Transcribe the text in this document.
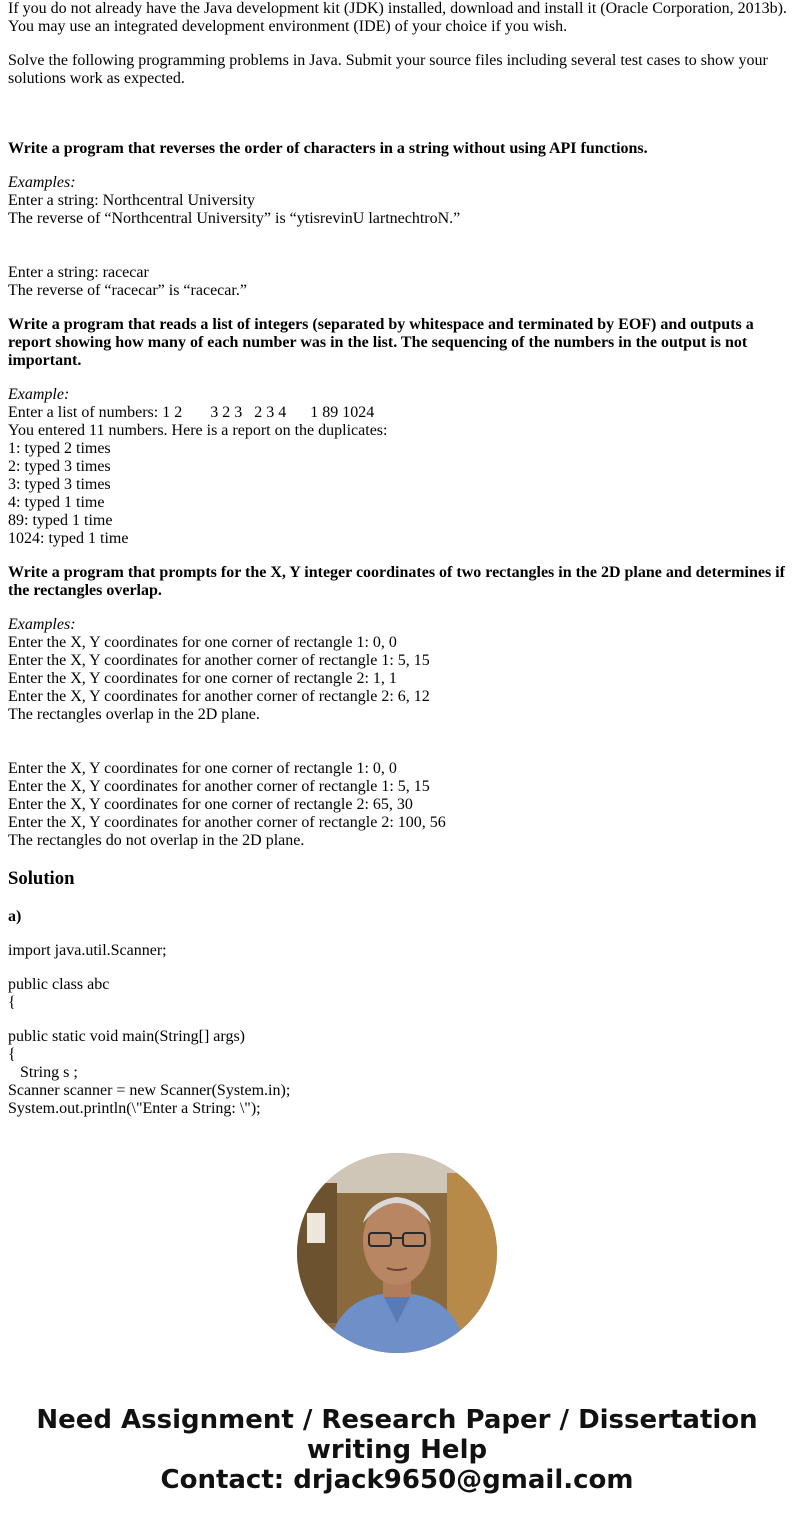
If you do not already have the Java development kit (JDK) installed, download and install it (Oracle Corporation, 2013b). You may use an integrated development environment (IDE) of your choice if you wish.

Solve the following programming problems in Java. Submit your source files including several test cases to show your solutions work as expected.

Write a program that reverses the order of characters in a string without using API functions.

Examples:
Enter a string: Northcentral University
The reverse of “Northcentral University” is “ytisrevinU lartnechtroN.”

Enter a string: racecar
The reverse of “racecar” is “racecar.”

Write a program that reads a list of integers (separated by whitespace and terminated by EOF) and outputs a report showing how many of each number was in the list. The sequencing of the numbers in the output is not important.

Example:
Enter a list of numbers: 1 2       3 2 3   2 3 4      1 89 1024
You entered 11 numbers. Here is a report on the duplicates:
1: typed 2 times
2: typed 3 times
3: typed 3 times
4: typed 1 time
89: typed 1 time
1024: typed 1 time

Write a program that prompts for the X, Y integer coordinates of two rectangles in the 2D plane and determines if the rectangles overlap.

Examples:
Enter the X, Y coordinates for one corner of rectangle 1: 0, 0
Enter the X, Y coordinates for another corner of rectangle 1: 5, 15
Enter the X, Y coordinates for one corner of rectangle 2: 1, 1
Enter the X, Y coordinates for another corner of rectangle 2: 6, 12
The rectangles overlap in the 2D plane.

Enter the X, Y coordinates for one corner of rectangle 1: 0, 0
Enter the X, Y coordinates for another corner of rectangle 1: 5, 15
Enter the X, Y coordinates for one corner of rectangle 2: 65, 30
Enter the X, Y coordinates for another corner of rectangle 2: 100, 56
The rectangles do not overlap in the 2D plane.
Solution
a)

import java.util.Scanner;

public class abc
{
public static void main(String[] args)
{
String s ;
Scanner scanner = new Scanner(System.in);
System.out.println(\"Enter a String: \");
Need Assignment / Research Paper / Dissertation
writing Help
Contact: drjack9650@gmail.com
